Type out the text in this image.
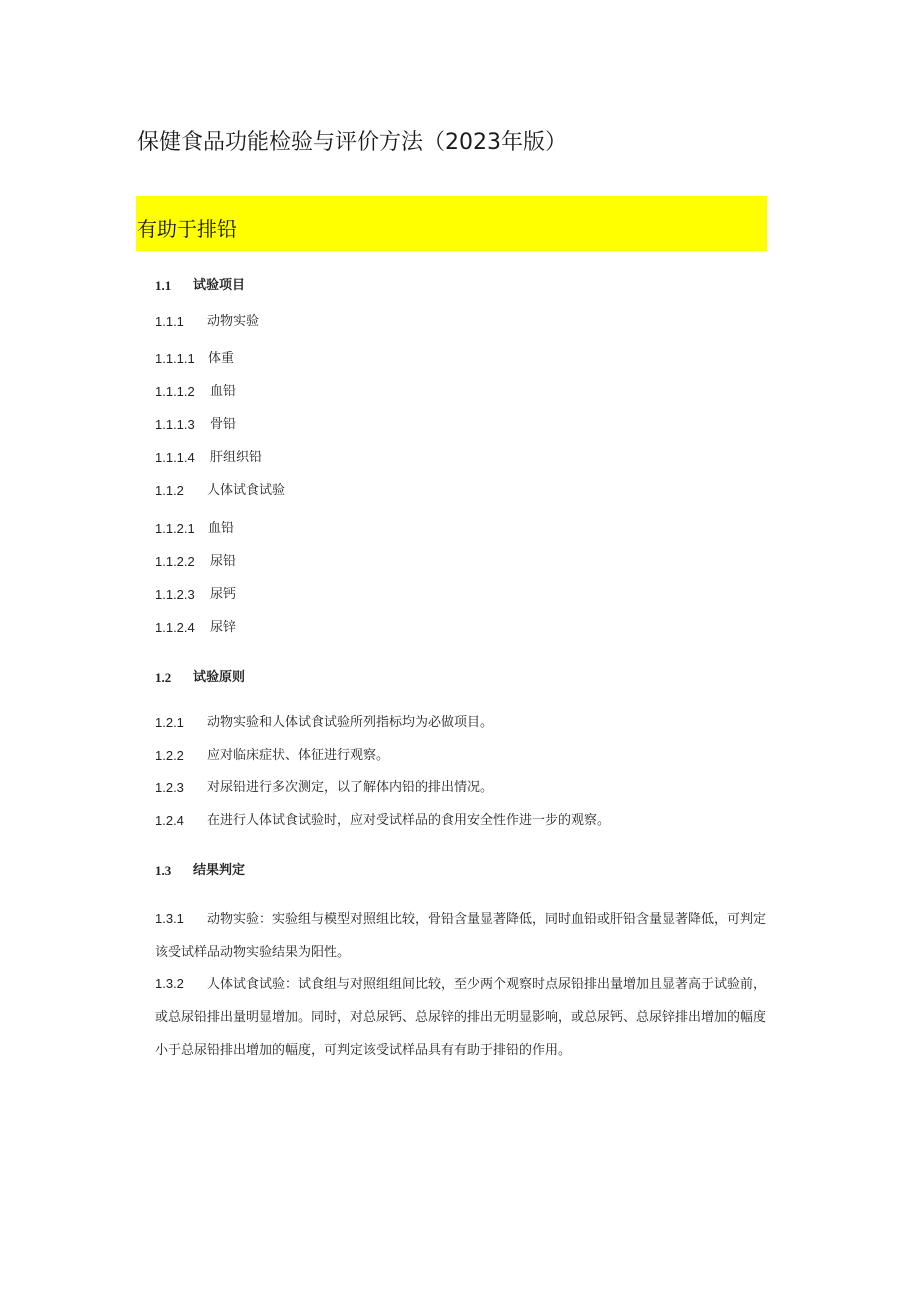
保健食品功能检验与评价方法（2023年版）
有助于排铅
1.1 试验项目
1.1.1 动物实验
1.1.1.1 体重
1.1.1.2 血铅
1.1.1.3 骨铅
1.1.1.4 肝组织铅
1.1.2 人体试食试验
1.1.2.1 血铅
1.1.2.2 尿铅
1.1.2.3 尿钙
1.1.2.4 尿锌
1.2 试验原则
1.2.1 动物实验和人体试食试验所列指标均为必做项目。
1.2.2 应对临床症状、体征进行观察。
1.2.3 对尿铅进行多次测定，以了解体内铅的排出情况。
1.2.4 在进行人体试食试验时，应对受试样品的食用安全性作进一步的观察。
1.3 结果判定
1.3.1 动物实验：实验组与模型对照组比较，骨铅含量显著降低，同时血铅或肝铅含量显著降低，可判定该受试样品动物实验结果为阳性。
1.3.2 人体试食试验：试食组与对照组组间比较，至少两个观察时点尿铅排出量增加且显著高于试验前，或总尿铅排出量明显增加。同时，对总尿钙、总尿锌的排出无明显影响，或总尿钙、总尿锌排出增加的幅度小于总尿铅排出增加的幅度，可判定该受试样品具有有助于排铅的作用。
